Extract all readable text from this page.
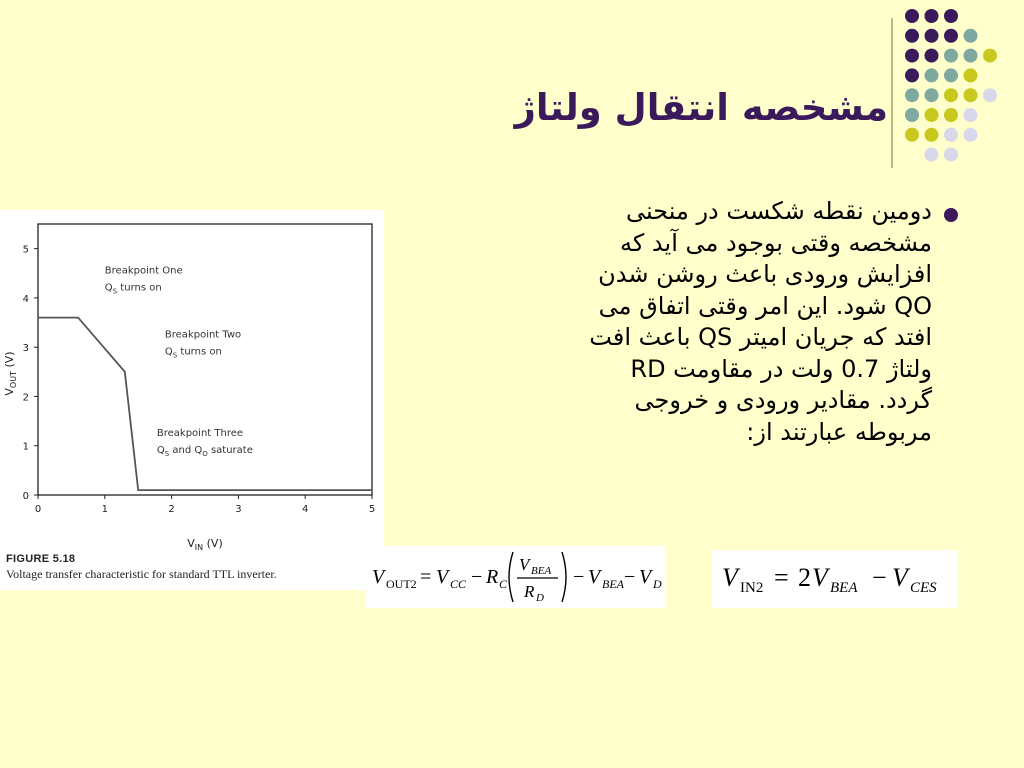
مشخصه انتقال ولتاژ
دومین نقطه شکست در منحنی
مشخصه وقتی بوجود می آید که
افزایش ورودی باعث روشن شدن
QO شود. این امر وقتی اتفاق می
افتد که جریان امیتر QS باعث افت
ولتاژ 0.7 ولت در مقاومت RD
گردد. مقادیر ورودی و خروجی
مربوطه عبارتند از:
0	1	2	3	4	5
0
1
2
3
4
5
$V_{IN}$ (V)
$V_{OUT}$ (V)
Breakpoint One
$Q_S$ turns on
Breakpoint Two
$Q_S$ turns on
Breakpoint Three
$Q_S$ and $Q_O$ saturate
FIGURE 5.18
Voltage transfer characteristic for standard TTL inverter.	V OUT2 = V CC − R C
V BEA
R D
− V BEA − V D V IN2 = 2 V BEA − V CES
